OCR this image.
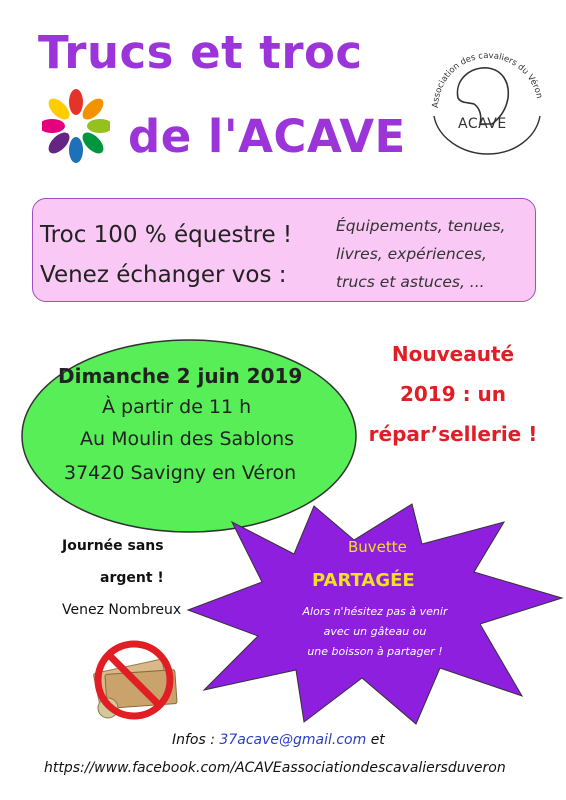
Trucs et troc
de l'ACAVE
Association des cavaliers du Véron
ACAVE
Troc 100 % équestre !
Venez échanger vos :
Équipements, tenues,
livres, expériences,
trucs et astuces, ...
Dimanche 2 juin 2019
À partir de 11 h
Au Moulin des Sablons
37420 Savigny en Véron
Nouveauté
2019 : un
répar’sellerie !
Buvette
PARTAGÉE
Alors n'hésitez pas à venir
avec un gâteau ou
une boisson à partager !
Journée sans
argent !
Venez Nombreux
Infos : 37acave@gmail.com et
https://www.facebook.com/ACAVEassociationdescavaliersduveron
